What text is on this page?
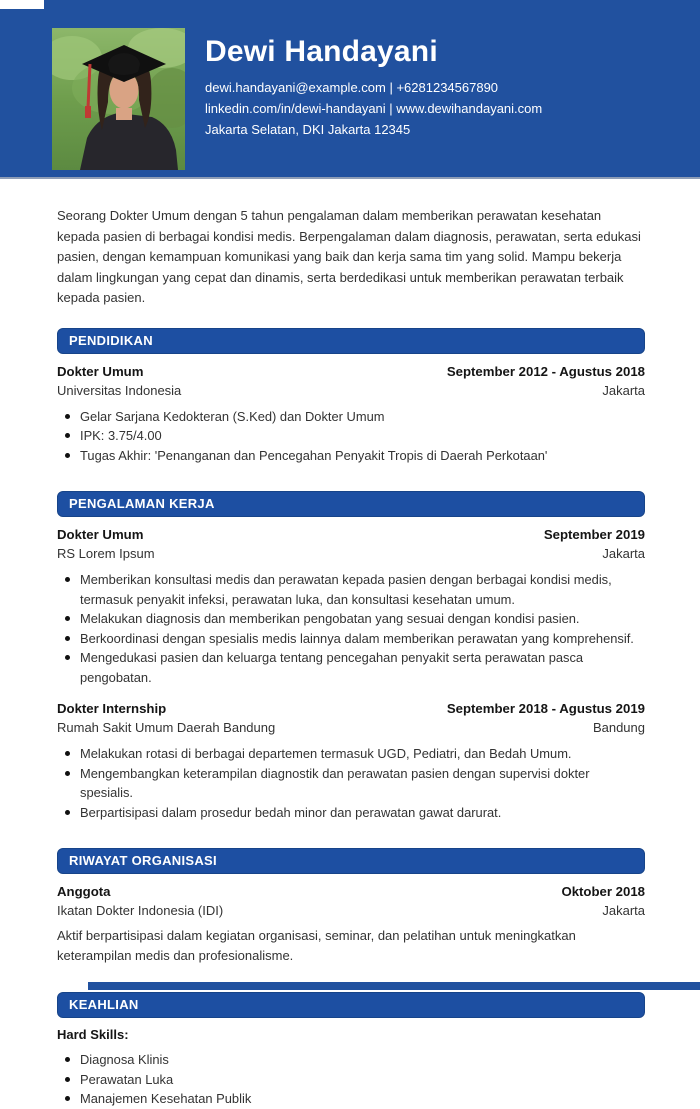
Dewi Handayani
dewi.handayani@example.com | +6281234567890
linkedin.com/in/dewi-handayani | www.dewihandayani.com
Jakarta Selatan, DKI Jakarta 12345

Seorang Dokter Umum dengan 5 tahun pengalaman dalam memberikan perawatan kesehatan kepada pasien di berbagai kondisi medis. Berpengalaman dalam diagnosis, perawatan, serta edukasi pasien, dengan kemampuan komunikasi yang baik dan kerja sama tim yang solid. Mampu bekerja dalam lingkungan yang cepat dan dinamis, serta berdedikasi untuk memberikan perawatan terbaik kepada pasien.

PENDIDIKAN
Dokter Umum	September 2012 - Agustus 2018
Universitas Indonesia	Jakarta
Gelar Sarjana Kedokteran (S.Ked) dan Dokter Umum
IPK: 3.75/4.00
Tugas Akhir: 'Penanganan dan Pencegahan Penyakit Tropis di Daerah Perkotaan'
PENGALAMAN KERJA
Dokter Umum	September 2019
RS Lorem Ipsum	Jakarta
Memberikan konsultasi medis dan perawatan kepada pasien dengan berbagai kondisi medis, termasuk penyakit infeksi, perawatan luka, dan konsultasi kesehatan umum.
Melakukan diagnosis dan memberikan pengobatan yang sesuai dengan kondisi pasien.
Berkoordinasi dengan spesialis medis lainnya dalam memberikan perawatan yang komprehensif.
Mengedukasi pasien dan keluarga tentang pencegahan penyakit serta perawatan pasca pengobatan.
Dokter Internship	September 2018 - Agustus 2019
Rumah Sakit Umum Daerah Bandung	Bandung
Melakukan rotasi di berbagai departemen termasuk UGD, Pediatri, dan Bedah Umum.
Mengembangkan keterampilan diagnostik dan perawatan pasien dengan supervisi dokter spesialis.
Berpartisipasi dalam prosedur bedah minor dan perawatan gawat darurat.
RIWAYAT ORGANISASI
Anggota	Oktober 2018
Ikatan Dokter Indonesia (IDI)	Jakarta

Aktif berpartisipasi dalam kegiatan organisasi, seminar, dan pelatihan untuk meningkatkan keterampilan medis dan profesionalisme.

KEAHLIAN
Hard Skills:
Diagnosa Klinis
Perawatan Luka
Manajemen Kesehatan Publik
